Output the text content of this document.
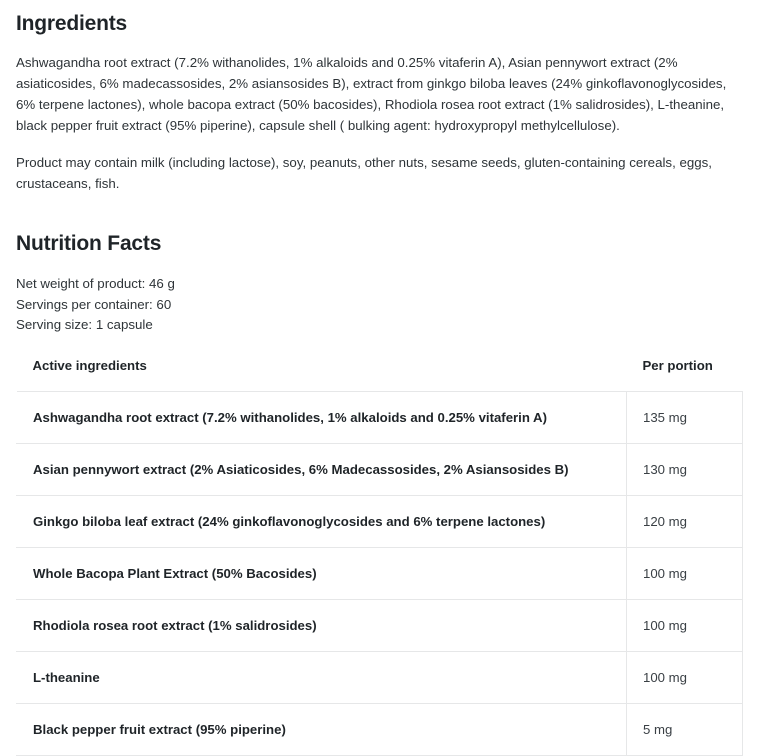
Ingredients

Ashwagandha root extract (7.2% withanolides, 1% alkaloids and 0.25% vitaferin A), Asian pennywort extract (2% asiaticosides, 6% madecassosides, 2% asiansosides B), extract from ginkgo biloba leaves (24% ginkoflavonoglycosides, 6% terpene lactones), whole bacopa extract (50% bacosides), Rhodiola rosea root extract (1% salidrosides), L-theanine, black pepper fruit extract (95% piperine), capsule shell ( bulking agent: hydroxypropyl methylcellulose).

Product may contain milk (including lactose), soy, peanuts, other nuts, sesame seeds, gluten-containing cereals, eggs, crustaceans, fish.

Nutrition Facts
Net weight of product: 46 g
Servings per container: 60
Serving size: 1 capsule
Active ingredients	Per portion
Ashwagandha root extract (7.2% withanolides, 1% alkaloids and 0.25% vitaferin A)	135 mg
Asian pennywort extract (2% Asiaticosides, 6% Madecassosides, 2% Asiansosides B)	130 mg
Ginkgo biloba leaf extract (24% ginkoflavonoglycosides and 6% terpene lactones)	120 mg
Whole Bacopa Plant Extract (50% Bacosides)	100 mg
Rhodiola rosea root extract (1% salidrosides)	100 mg
L-theanine	100 mg
Black pepper fruit extract (95% piperine)	5 mg
